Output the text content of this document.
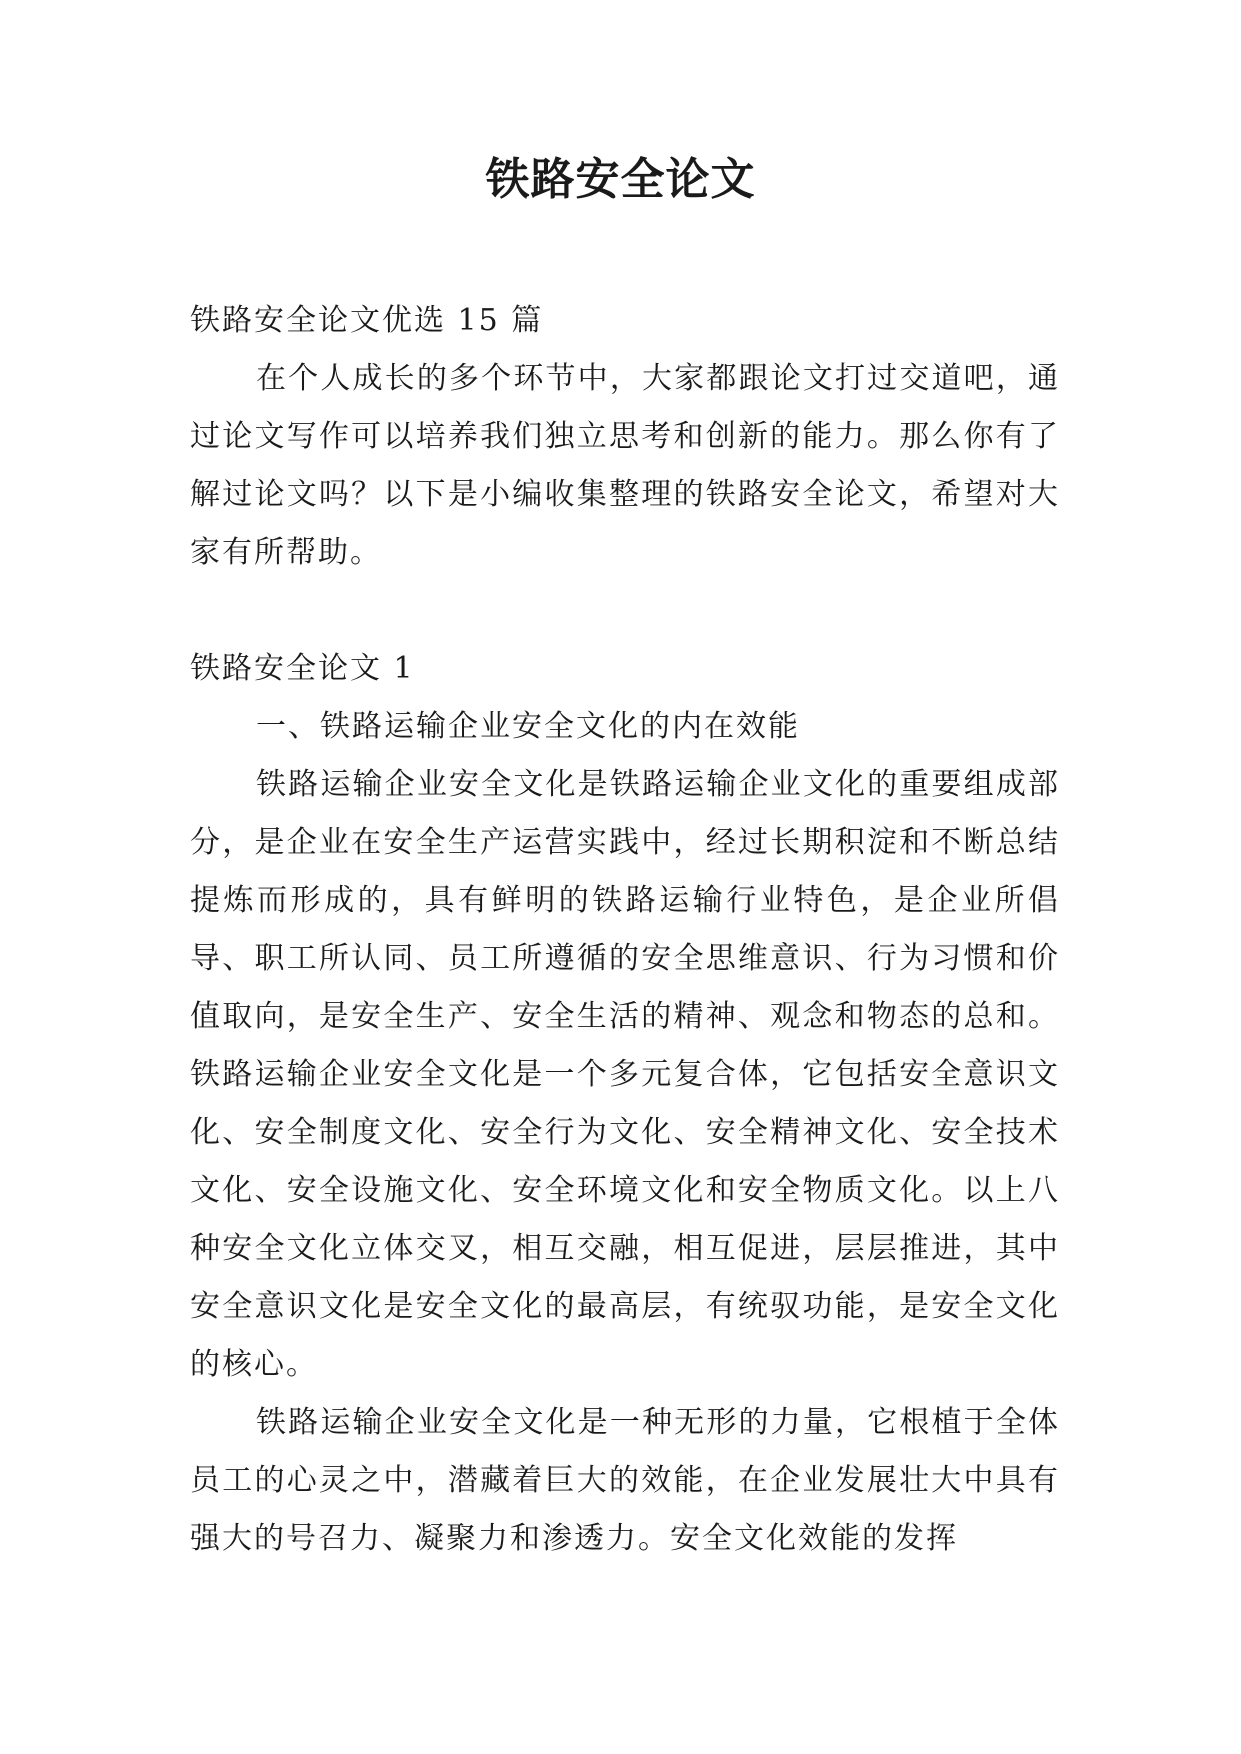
铁路安全论文

铁路安全论文优选 15 篇

在个人成长的多个环节中，大家都跟论文打过交道吧，通过论文写作可以培养我们独立思考和创新的能力。那么你有了解过论文吗？以下是小编收集整理的铁路安全论文，希望对大家有所帮助。

铁路安全论文 1

一、铁路运输企业安全文化的内在效能

铁路运输企业安全文化是铁路运输企业文化的重要组成部分，是企业在安全生产运营实践中，经过长期积淀和不断总结提炼而形成的，具有鲜明的铁路运输行业特色，是企业所倡导、职工所认同、员工所遵循的安全思维意识、行为习惯和价值取向，是安全生产、安全生活的精神、观念和物态的总和。铁路运输企业安全文化是一个多元复合体，它包括安全意识文化、安全制度文化、安全行为文化、安全精神文化、安全技术文化、安全设施文化、安全环境文化和安全物质文化。以上八种安全文化立体交叉，相互交融，相互促进，层层推进，其中安全意识文化是安全文化的最高层，有统驭功能，是安全文化的核心。

铁路运输企业安全文化是一种无形的力量，它根植于全体员工的心灵之中，潜藏着巨大的效能，在企业发展壮大中具有强大的号召力、凝聚力和渗透力。安全文化效能的发挥
